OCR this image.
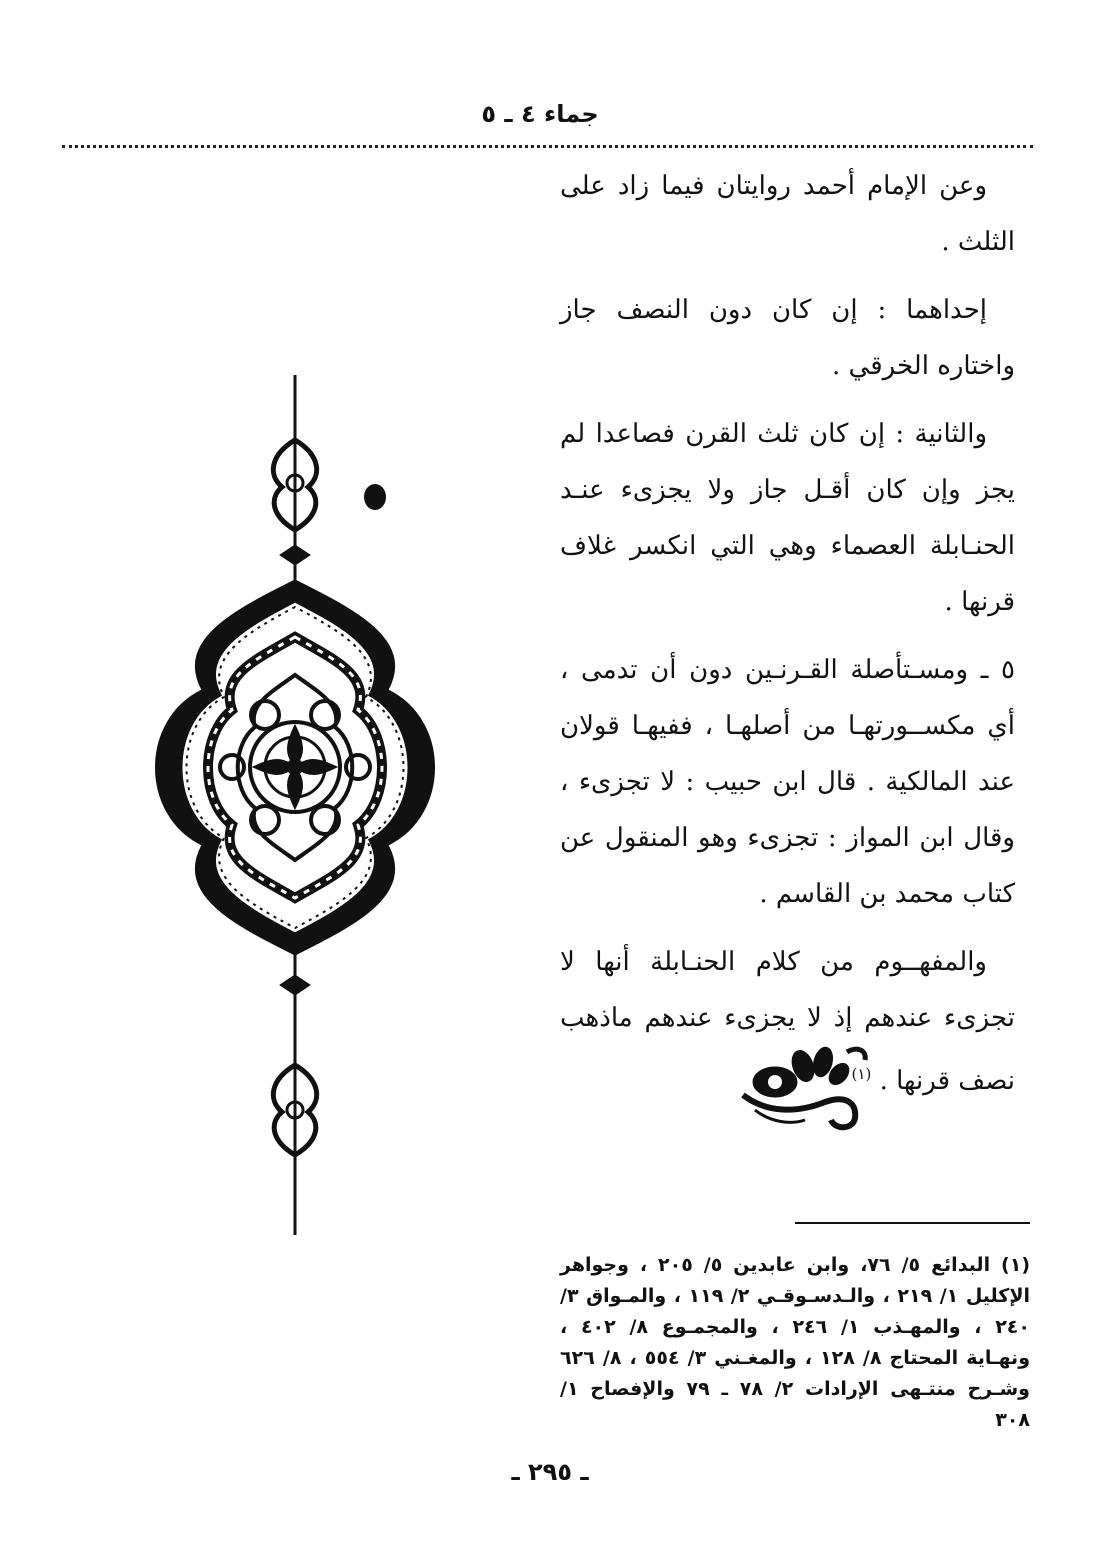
جماء ٤ ـ ٥

وعن الإمام أحمد روايتان فيما زاد على الثلث .

إحداهما : إن كان دون النصف جاز واختاره الخرقي .

والثانية : إن كان ثلث القرن فصاعدا لم يجز وإن كان أقـل جاز ولا يجزىء عنـد الحنـابلة العصماء وهي التي انكسر غلاف قرنها .

٥ ـ ومسـتأصلة القـرنـين دون أن تدمى ، أي مكســورتهـا من أصلهـا ، ففيهـا قولان عند المالكية . قال ابن حبيب : لا تجزىء ، وقال ابن المواز : تجزىء وهو المنقول عن كتاب محمد بن القاسم .

والمفهــوم من كلام الحنـابلة أنها لا تجزىء عندهم إذ لا يجزىء عندهم ماذهب نصف قرنها . $^{(١)}$

(١) البدائع ٥/ ٧٦، وابن عابدين ٥/ ٢٠٥ ، وجواهر الإكليل ١/ ٢١٩ ، والـدسـوقـي ٢/ ١١٩ ، والمـواق ٣/ ٢٤٠ ، والمهـذب ١/ ٢٤٦ ، والمجمـوع ٨/ ٤٠٢ ، ونهـاية المحتاج ٨/ ١٢٨ ، والمغـني ٣/ ٥٥٤ ، ٨/ ٦٢٦ وشـرح منتـهى الإرادات ٢/ ٧٨ ـ ٧٩ والإفصاح ١/ ٣٠٨
ـ ٢٩٥ ـ
